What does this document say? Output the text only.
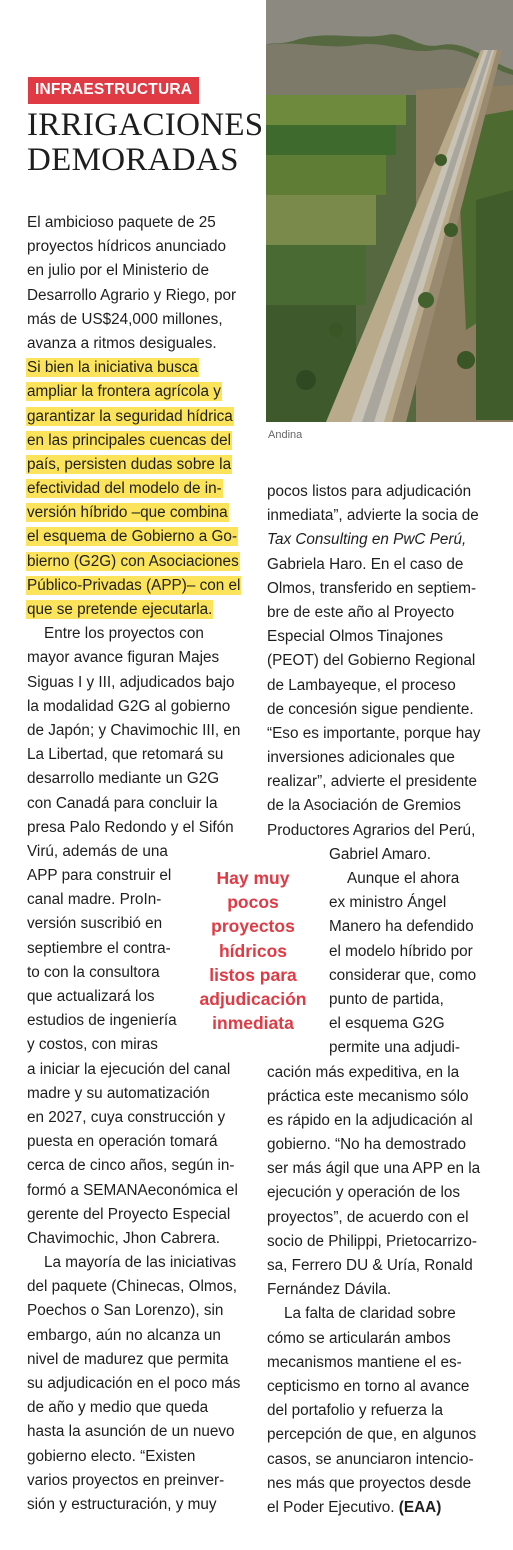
INFRAESTRUCTURA
IRRIGACIONES
DEMORADAS
Andina
El ambicioso paquete de 25
proyectos hídricos anunciado
en julio por el Ministerio de
Desarrollo Agrario y Riego, por
más de US$24,000 millones,
avanza a ritmos desiguales.
Si bien la iniciativa busca
ampliar la frontera agrícola y
garantizar la seguridad hídrica
en las principales cuencas del
país, persisten dudas sobre la
efectividad del modelo de in-
versión híbrido –que combina
el esquema de Gobierno a Go-
bierno (G2G) con Asociaciones
Público-Privadas (APP)– con el
que se pretende ejecutarla.
Entre los proyectos con
mayor avance figuran Majes
Siguas I y III, adjudicados bajo
la modalidad G2G al gobierno
de Japón; y Chavimochic III, en
La Libertad, que retomará su
desarrollo mediante un G2G
con Canadá para concluir la
presa Palo Redondo y el Sifón
Virú, además de una
APP para construir el
canal madre. ProIn-
versión suscribió en
septiembre el contra-
to con la consultora
que actualizará los
estudios de ingeniería
y costos, con miras
a iniciar la ejecución del canal
madre y su automatización
en 2027, cuya construcción y
puesta en operación tomará
cerca de cinco años, según in-
formó a SEMANAeconómica el
gerente del Proyecto Especial
Chavimochic, Jhon Cabrera.
La mayoría de las iniciativas
del paquete (Chinecas, Olmos,
Poechos o San Lorenzo), sin
embargo, aún no alcanza un
nivel de madurez que permita
su adjudicación en el poco más
de año y medio que queda
hasta la asunción de un nuevo
gobierno electo. “Existen
varios proyectos en preinver-
sión y estructuración, y muy
Hay muy
pocos
proyectos
hídricos
listos para
adjudicación
inmediata
pocos listos para adjudicación
inmediata”, advierte la socia de
Tax Consulting en PwC Perú,
Gabriela Haro. En el caso de
Olmos, transferido en septiem-
bre de este año al Proyecto
Especial Olmos Tinajones
(PEOT) del Gobierno Regional
de Lambayeque, el proceso
de concesión sigue pendiente.
“Eso es importante, porque hay
inversiones adicionales que
realizar”, advierte el presidente
de la Asociación de Gremios
Productores Agrarios del Perú,
Gabriel Amaro.
Aunque el ahora
ex ministro Ángel
Manero ha defendido
el modelo híbrido por
considerar que, como
punto de partida,
el esquema G2G
permite una adjudi-
cación más expeditiva, en la
práctica este mecanismo sólo
es rápido en la adjudicación al
gobierno. “No ha demostrado
ser más ágil que una APP en la
ejecución y operación de los
proyectos”, de acuerdo con el
socio de Philippi, Prietocarrizo-
sa, Ferrero DU & Uría, Ronald
Fernández Dávila.
La falta de claridad sobre
cómo se articularán ambos
mecanismos mantiene el es-
cepticismo en torno al avance
del portafolio y refuerza la
percepción de que, en algunos
casos, se anunciaron intencio-
nes más que proyectos desde
el Poder Ejecutivo. (EAA)
